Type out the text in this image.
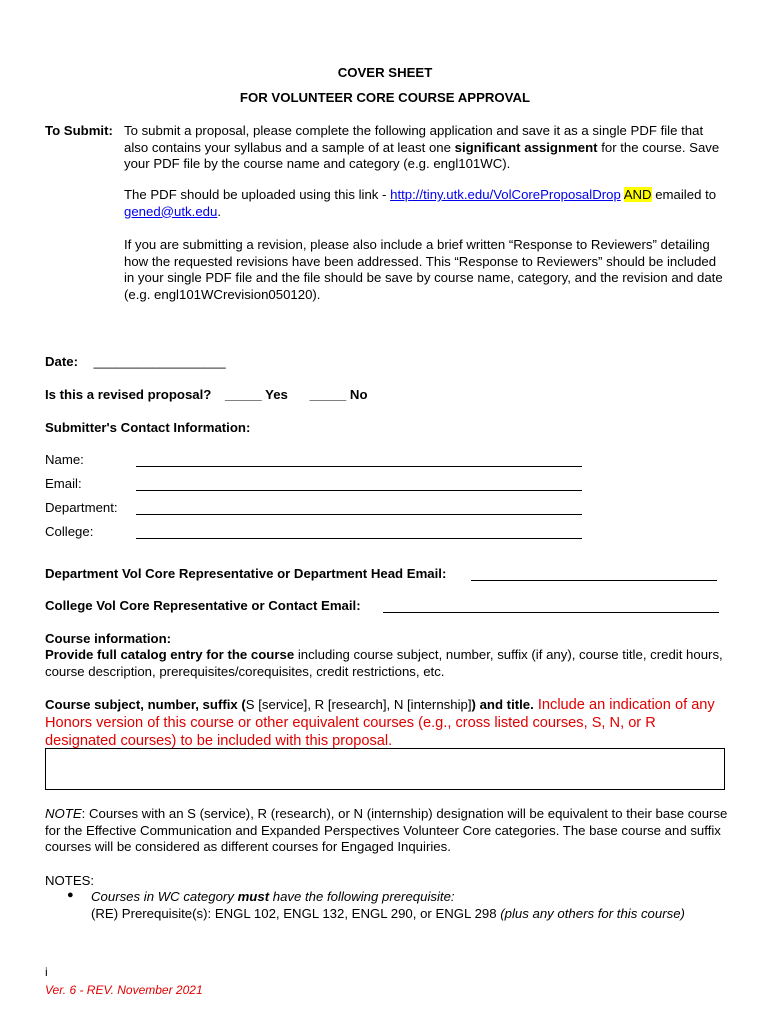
COVER SHEET
FOR VOLUNTEER CORE COURSE APPROVAL
To Submit: To submit a proposal, please complete the following application and save it as a single PDF file that also contains your syllabus and a sample of at least one significant assignment for the course. Save your PDF file by the course name and category (e.g. engl101WC).
The PDF should be uploaded using this link - http://tiny.utk.edu/VolCoreProposalDrop AND emailed to gened@utk.edu.
If you are submitting a revision, please also include a brief written “Response to Reviewers” detailing how the requested revisions have been addressed. This “Response to Reviewers” should be included in your single PDF file and the file should be save by course name, category, and the revision and date (e.g. engl101WCrevision050120).
Date: __________________
Is this a revised proposal? _____ Yes _____ No
Submitter's Contact Information:
Name:
Email:
Department:
College:
Department Vol Core Representative or Department Head Email:
College Vol Core Representative or Contact Email:
Course information:
Provide full catalog entry for the course including course subject, number, suffix (if any), course title, credit hours, course description, prerequisites/corequisites, credit restrictions, etc.
Course subject, number, suffix (S [service], R [research], N [internship]) and title. Include an indication of any Honors version of this course or other equivalent courses (e.g., cross listed courses, S, N, or R designated courses) to be included with this proposal.
NOTE: Courses with an S (service), R (research), or N (internship) designation will be equivalent to their base course for the Effective Communication and Expanded Perspectives Volunteer Core categories. The base course and suffix courses will be considered as different courses for Engaged Inquiries.
NOTES:
● Courses in WC category must have the following prerequisite:
(RE) Prerequisite(s): ENGL 102, ENGL 132, ENGL 290, or ENGL 298 (plus any others for this course)
i
Ver. 6 - REV. November 2021
